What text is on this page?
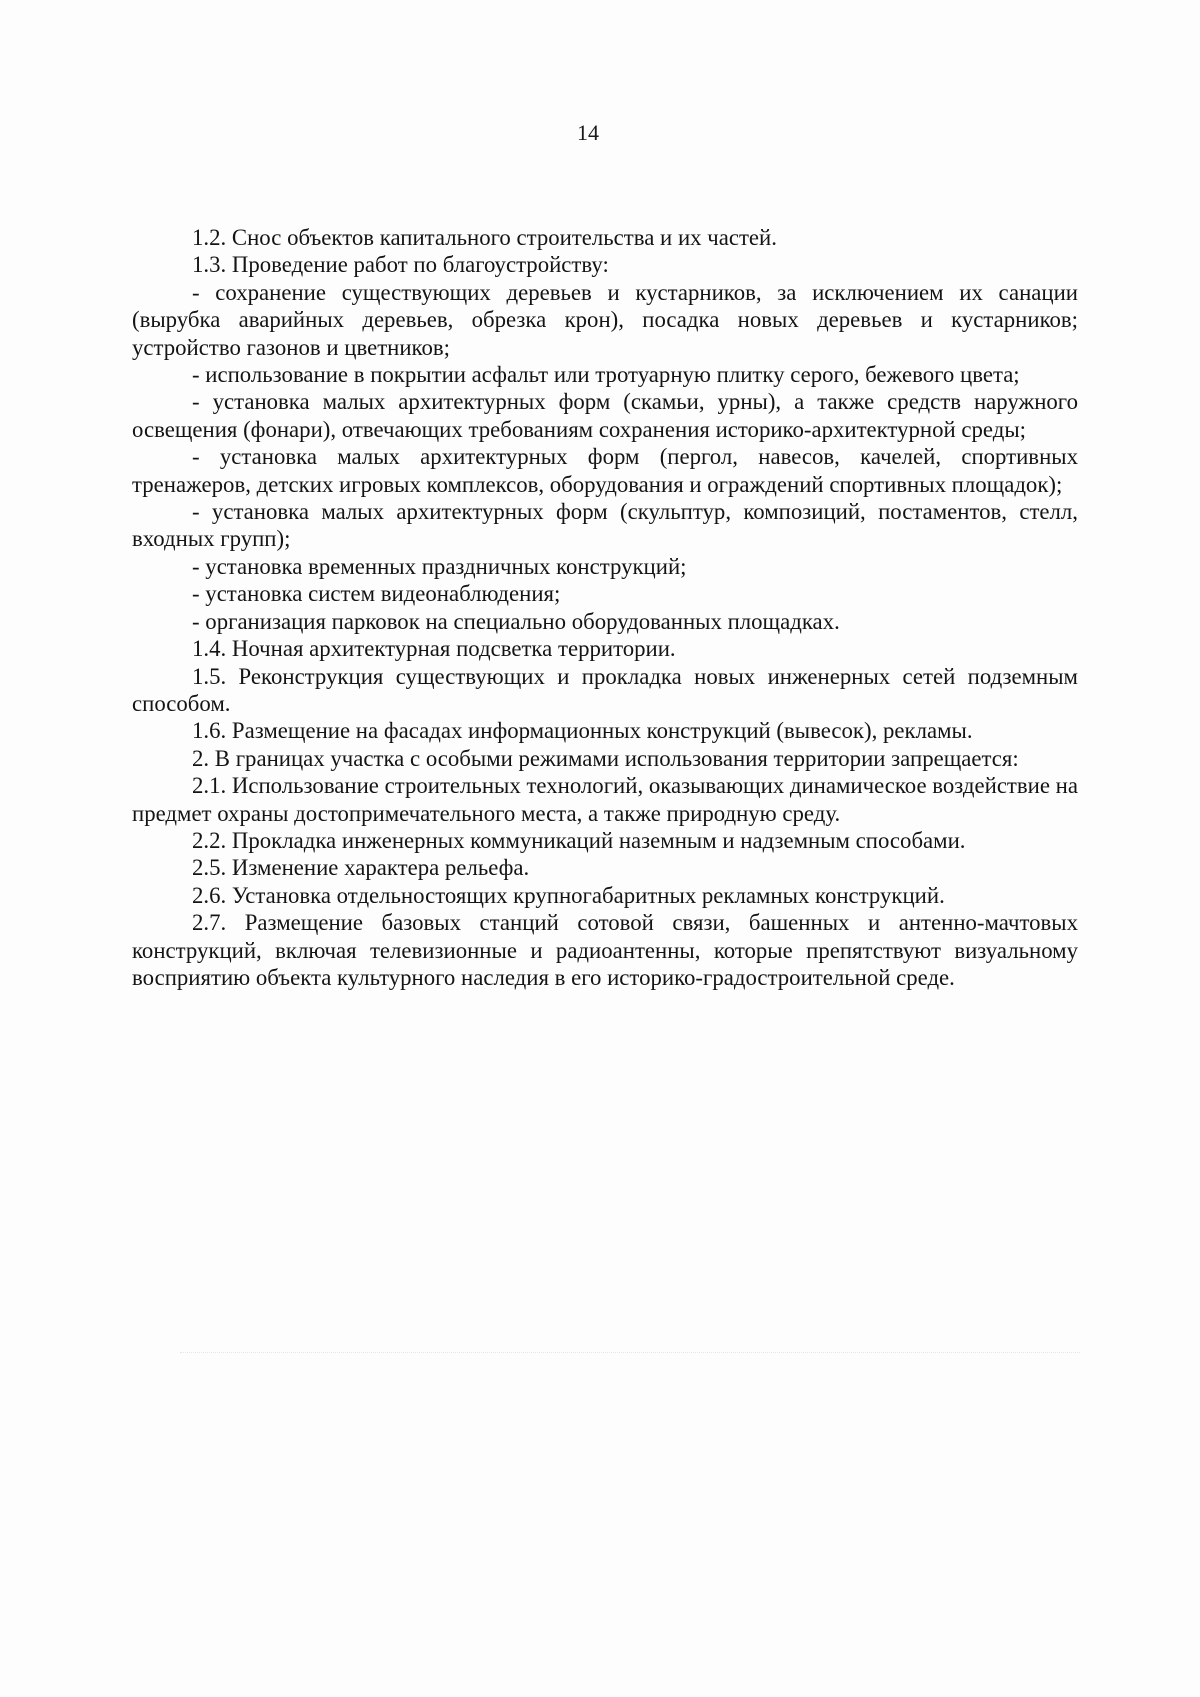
14

1.2. Снос объектов капитального строительства и их частей.

1.3. Проведение работ по благоустройству:

- сохранение существующих деревьев и кустарников, за исключением их санации (вырубка аварийных деревьев, обрезка крон), посадка новых деревьев и кустарников; устройство газонов и цветников;

- использование в покрытии асфальт или тротуарную плитку серого, бежевого цвета;

- установка малых архитектурных форм (скамьи, урны), а также средств наружного освещения (фонари), отвечающих требованиям сохранения историко-архитектурной среды;

- установка малых архитектурных форм (пергол, навесов, качелей, спортивных тренажеров, детских игровых комплексов, оборудования и ограждений спортивных площадок);

- установка малых архитектурных форм (скульптур, композиций, постаментов, стелл, входных групп);

- установка временных праздничных конструкций;

- установка систем видеонаблюдения;

- организация парковок на специально оборудованных площадках.

1.4. Ночная архитектурная подсветка территории.

1.5. Реконструкция существующих и прокладка новых инженерных сетей подземным способом.

1.6. Размещение на фасадах информационных конструкций (вывесок), рекламы.

2. В границах участка с особыми режимами использования территории запрещается:

2.1. Использование строительных технологий, оказывающих динамическое воздействие на предмет охраны достопримечательного места, а также природную среду.

2.2. Прокладка инженерных коммуникаций наземным и надземным способами.

2.5. Изменение характера рельефа.

2.6. Установка отдельностоящих крупногабаритных рекламных конструкций.

2.7. Размещение базовых станций сотовой связи, башенных и антенно-мачтовых конструкций, включая телевизионные и радиоантенны, которые препятствуют визуальному восприятию объекта культурного наследия в его историко-градостроительной среде.
